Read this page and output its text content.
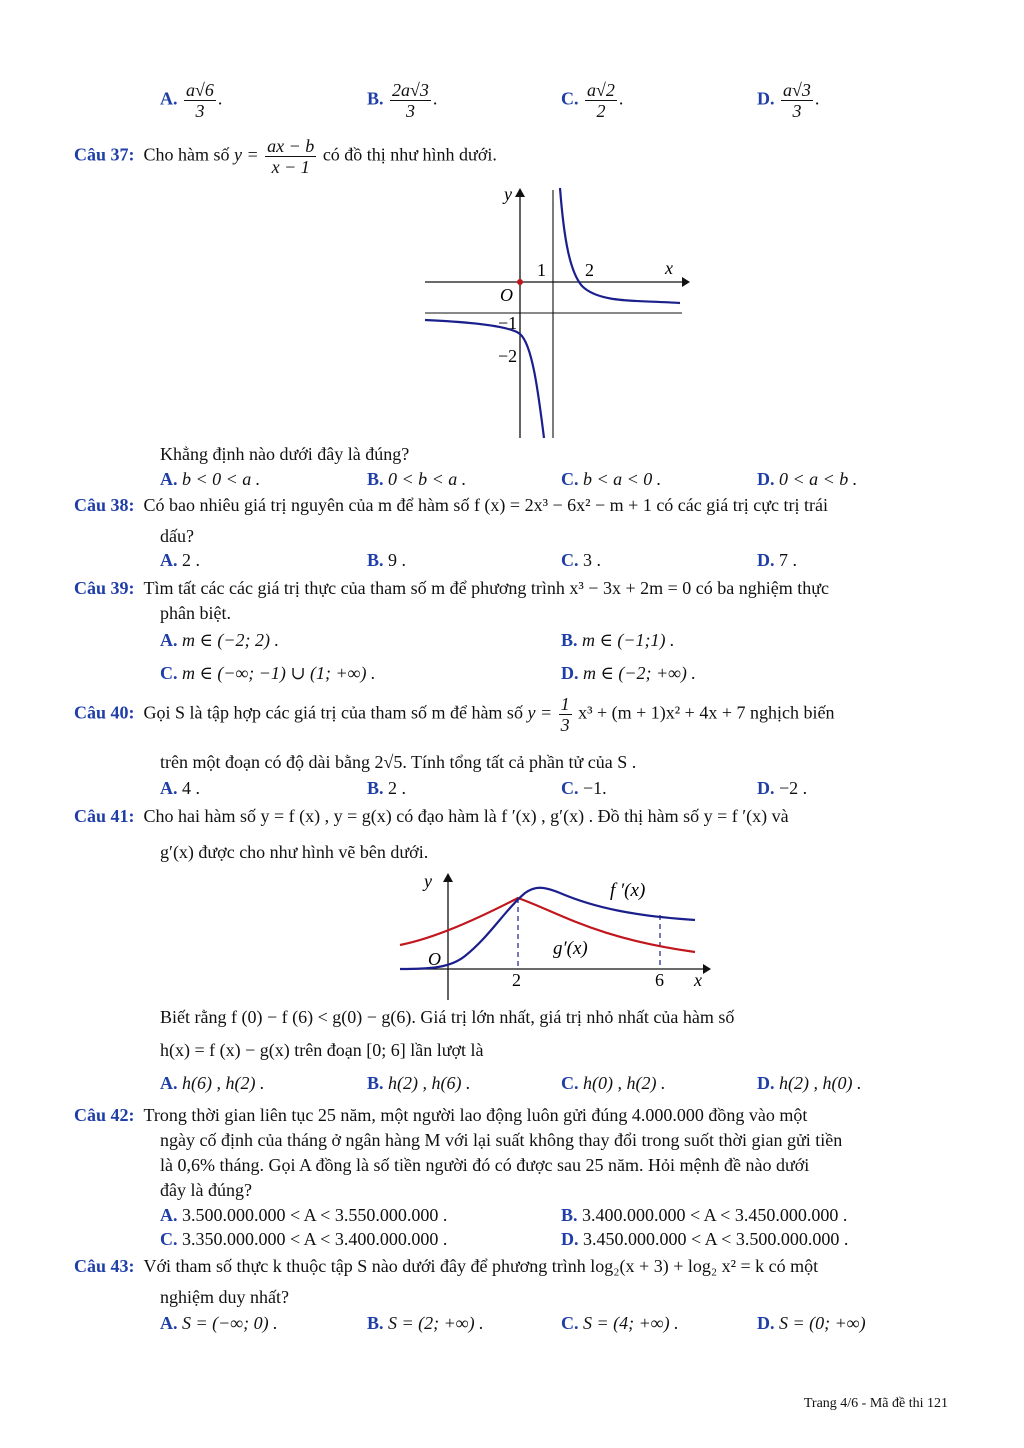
A. $\frac{a√6}{3}$ .	B. $\frac{2a√3}{3}$ .	C. $\frac{a√2}{2}$ .	D. $\frac{a√3}{3}$ .
Câu 37: Cho hàm số $y = \frac{ax - b}{x - 1}$ có đồ thị như hình dưới.
y
x
O
1 2
−1
−2
Khẳng định nào dưới đây là đúng?
A. b < 0 < a .	B. 0 < b < a .	C. b < a < 0 .	D. 0 < a < b .
Câu 38: Có bao nhiêu giá trị nguyên của m để hàm số f (x) = 2x³ − 6x² − m + 1 có các giá trị cực trị trái
dấu?
A. 2 .	B. 9 .	C. 3 .	D. 7 .
Câu 39: Tìm tất các các giá trị thực của tham số m để phương trình x³ − 3x + 2m = 0 có ba nghiệm thực
phân biệt.
A. m ∈ (−2; 2) .	B. m ∈ (−1;1) .
C. m ∈ (−∞; −1) ∪ (1; +∞) .	D. m ∈ (−2; +∞) .
Câu 40: Gọi S là tập hợp các giá trị của tham số m để hàm số $y = \frac{1}{3} x^3 + (m + 1)x^2 + 4x + 7$ nghịch biến
trên một đoạn có độ dài bằng 2√5. Tính tổng tất cả phần tử của S .
A. 4 .	B. 2 .	C. −1.	D. −2 .
Câu 41: Cho hai hàm số y = f (x) , y = g(x) có đạo hàm là f ′(x) , g′(x) . Đồ thị hàm số y = f ′(x) và
g′(x) được cho như hình vẽ bên dưới.
y
x
O
2	6
f ′(x)
g′(x)
Biết rằng f (0) − f (6) < g(0) − g(6). Giá trị lớn nhất, giá trị nhỏ nhất của hàm số
h(x) = f (x) − g(x) trên đoạn [0; 6] lần lượt là
A. h(6) , h(2) .	B. h(2) , h(6) .	C. h(0) , h(2) .	D. h(2) , h(0) .
Câu 42: Trong thời gian liên tục 25 năm, một người lao động luôn gửi đúng 4.000.000 đồng vào một
ngày cố định của tháng ở ngân hàng M với lại suất không thay đổi trong suốt thời gian gửi tiền
là 0,6% tháng. Gọi A đồng là số tiền người đó có được sau 25 năm. Hỏi mệnh đề nào dưới
đây là đúng?
A. 3.500.000.000 < A < 3.550.000.000 .	B. 3.400.000.000 < A < 3.450.000.000 .
C. 3.350.000.000 < A < 3.400.000.000 .	D. 3.450.000.000 < A < 3.500.000.000 .
Câu 43: Với tham số thực k thuộc tập S nào dưới đây để phương trình log₂(x + 3) + log₂ x² = k có một
nghiệm duy nhất?
A. S = (−∞; 0) .	B. S = (2; +∞) .	C. S = (4; +∞) .	D. S = (0; +∞)
Trang 4/6 - Mã đề thi 121
